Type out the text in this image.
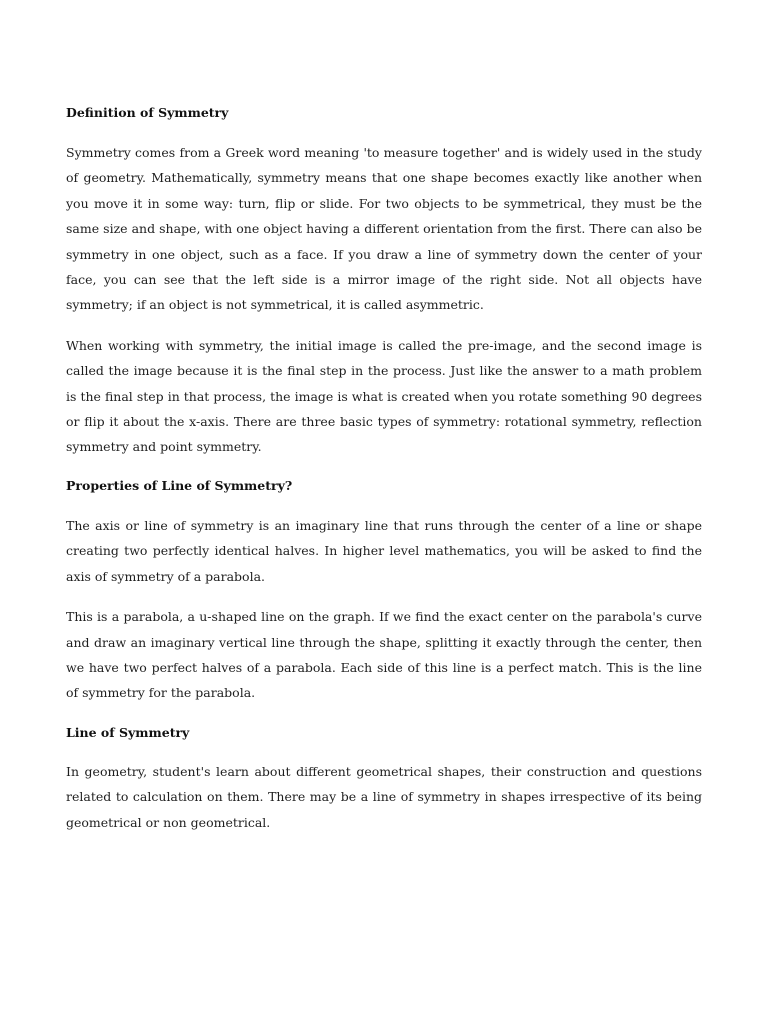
Definition of Symmetry

Symmetry comes from a Greek word meaning 'to measure together' and is widely used in the study of geometry. Mathematically, symmetry means that one shape becomes exactly like another when you move it in some way: turn, flip or slide. For two objects to be symmetrical, they must be the same size and shape, with one object having a different orientation from the first. There can also be symmetry in one object, such as a face. If you draw a line of symmetry down the center of your face, you can see that the left side is a mirror image of the right side. Not all objects have symmetry; if an object is not symmetrical, it is called asymmetric.

When working with symmetry, the initial image is called the pre-image, and the second image is called the image because it is the final step in the process. Just like the answer to a math problem is the final step in that process, the image is what is created when you rotate something 90 degrees or flip it about the x-axis. There are three basic types of symmetry: rotational symmetry, reflection symmetry and point symmetry.

Properties of Line of Symmetry?

The axis or line of symmetry is an imaginary line that runs through the center of a line or shape creating two perfectly identical halves. In higher level mathematics, you will be asked to find the axis of symmetry of a parabola.

This is a parabola, a u-shaped line on the graph. If we find the exact center on the parabola's curve and draw an imaginary vertical line through the shape, splitting it exactly through the center, then we have two perfect halves of a parabola. Each side of this line is a perfect match. This is the line of symmetry for the parabola.

Line of Symmetry

In geometry, student's learn about different geometrical shapes, their construction and questions related to calculation on them. There may be a line of symmetry in shapes irrespective of its being geometrical or non geometrical.
